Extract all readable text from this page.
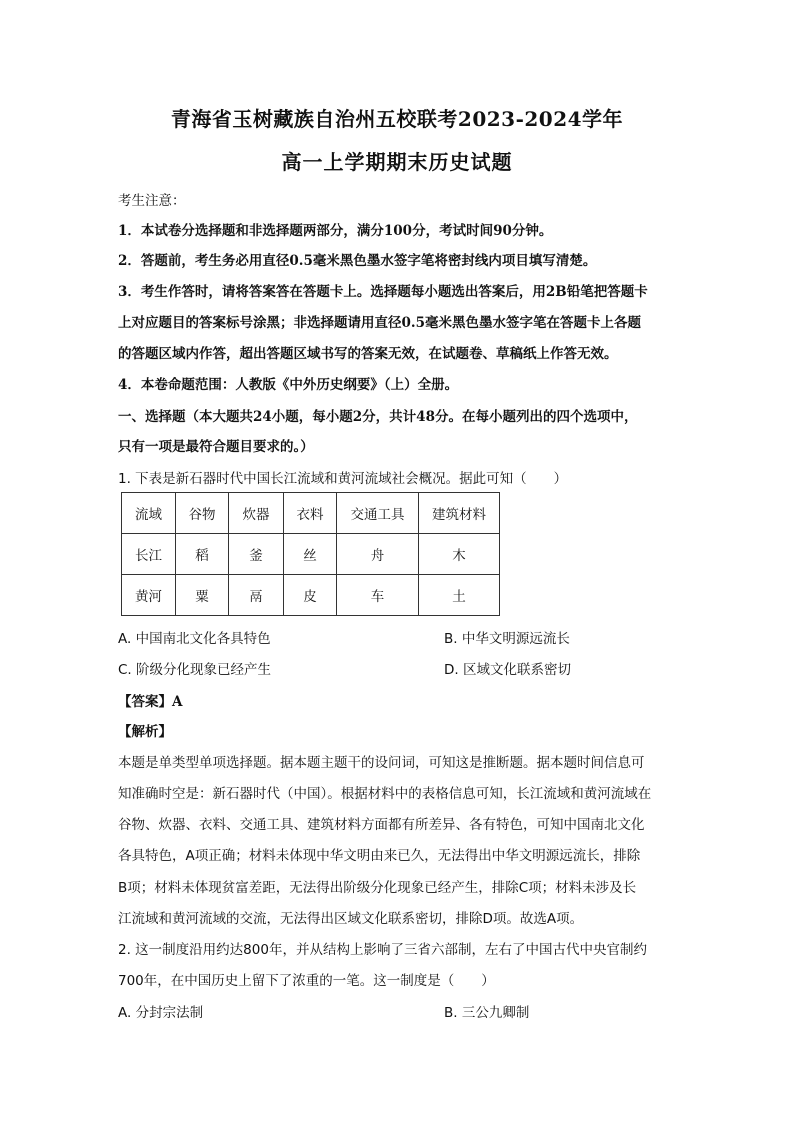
青海省玉树藏族自治州五校联考2023-2024学年
高一上学期期末历史试题
考生注意：
1．本试卷分选择题和非选择题两部分，满分100分，考试时间90分钟。
2．答题前，考生务必用直径0.5毫米黑色墨水签字笔将密封线内项目填写清楚。
3．考生作答时，请将答案答在答题卡上。选择题每小题选出答案后，用2B铅笔把答题卡
上对应题目的答案标号涂黑；非选择题请用直径0.5毫米黑色墨水签字笔在答题卡上各题
的答题区域内作答，超出答题区域书写的答案无效，在试题卷、草稿纸上作答无效。
4．本卷命题范围：人教版《中外历史纲要》（上）全册。
一、选择题（本大题共24小题，每小题2分，共计48分。在每小题列出的四个选项中，
只有一项是最符合题目要求的。）
1. 下表是新石器时代中国长江流域和黄河流域社会概况。据此可知（　　）
流域	谷物	炊器	衣料	交通工具	建筑材料
长江	稻	釜	丝	舟	木
黄河	粟	鬲	皮	车	土
A. 中国南北文化各具特色	B. 中华文明源远流长
C. 阶级分化现象已经产生	D. 区域文化联系密切
【答案】A
【解析】
本题是单类型单项选择题。据本题主题干的设问词，可知这是推断题。据本题时间信息可
知准确时空是：新石器时代（中国）。根据材料中的表格信息可知，长江流域和黄河流域在
谷物、炊器、衣料、交通工具、建筑材料方面都有所差异、各有特色，可知中国南北文化
各具特色，A项正确；材料未体现中华文明由来已久，无法得出中华文明源远流长，排除
B项；材料未体现贫富差距，无法得出阶级分化现象已经产生，排除C项；材料未涉及长
江流域和黄河流域的交流，无法得出区域文化联系密切，排除D项。故选A项。
2. 这一制度沿用约达800年，并从结构上影响了三省六部制，左右了中国古代中央官制约
700年，在中国历史上留下了浓重的一笔。这一制度是（　　）
A. 分封宗法制	B. 三公九卿制
